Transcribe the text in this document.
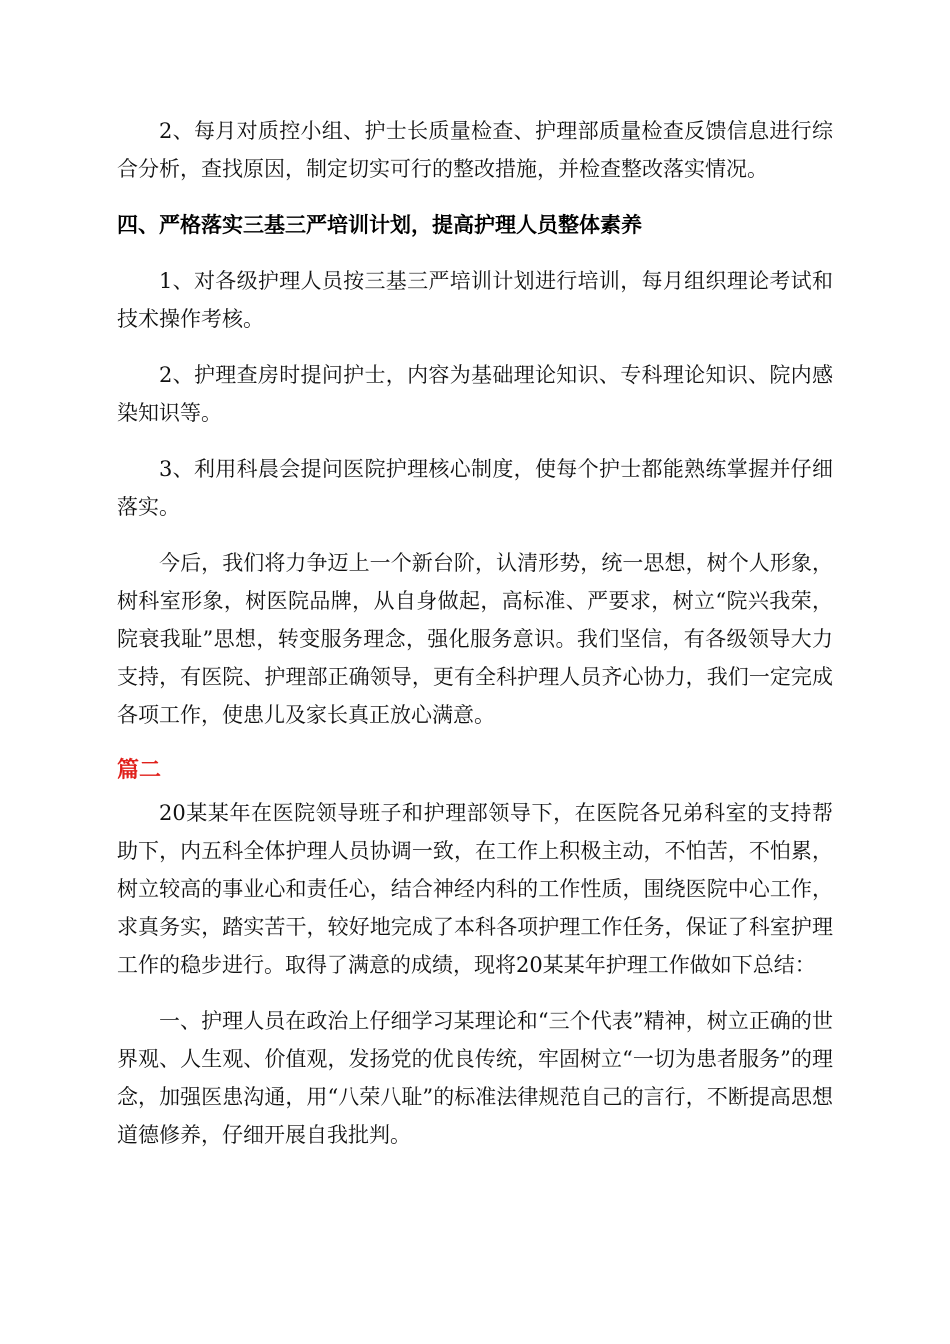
2、每月对质控小组、护士长质量检查、护理部质量检查反馈信息进行综合分析，查找原因，制定切实可行的整改措施，并检查整改落实情况。

四、严格落实三基三严培训计划，提高护理人员整体素养

1、对各级护理人员按三基三严培训计划进行培训，每月组织理论考试和技术操作考核。

2、护理查房时提问护士，内容为基础理论知识、专科理论知识、院内感染知识等。

3、利用科晨会提问医院护理核心制度，使每个护士都能熟练掌握并仔细落实。

今后，我们将力争迈上一个新台阶，认清形势，统一思想，树个人形象，树科室形象，树医院品牌，从自身做起，高标准、严要求，树立“院兴我荣，院衰我耻”思想，转变服务理念，强化服务意识。我们坚信，有各级领导大力支持，有医院、护理部正确领导，更有全科护理人员齐心协力，我们一定完成各项工作，使患儿及家长真正放心满意。

篇二

20某某年在医院领导班子和护理部领导下，在医院各兄弟科室的支持帮助下，内五科全体护理人员协调一致，在工作上积极主动，不怕苦，不怕累，树立较高的事业心和责任心，结合神经内科的工作性质，围绕医院中心工作，求真务实，踏实苦干，较好地完成了本科各项护理工作任务，保证了科室护理工作的稳步进行。取得了满意的成绩，现将20某某年护理工作做如下总结：

一、护理人员在政治上仔细学习某理论和“三个代表”精神，树立正确的世界观、人生观、价值观，发扬党的优良传统，牢固树立“一切为患者服务”的理念，加强医患沟通，用“八荣八耻”的标准法律规范自己的言行，不断提高思想道德修养，仔细开展自我批判。
